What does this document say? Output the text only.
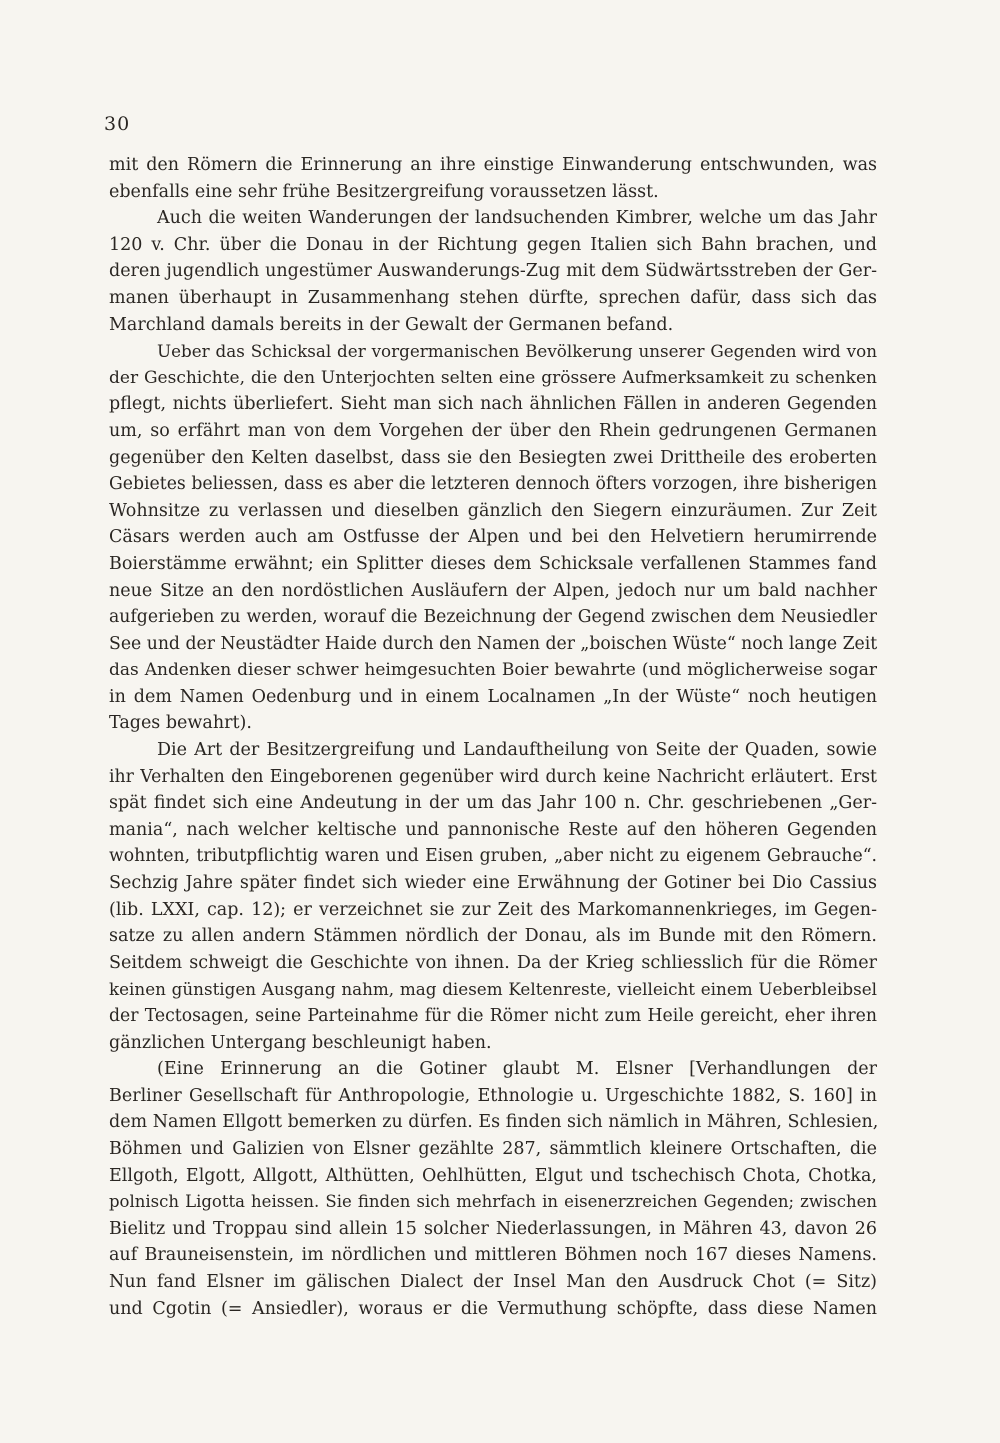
30
mit den Römern die Erinnerung an ihre einstige Einwanderung entschwunden, was
ebenfalls eine sehr frühe Besitzergreifung voraussetzen lässt.
Auch die weiten Wanderungen der landsuchenden Kimbrer, welche um das Jahr
120 v. Chr. über die Donau in der Richtung gegen Italien sich Bahn brachen, und
deren jugendlich ungestümer Auswanderungs-Zug mit dem Südwärtsstreben der Ger-
manen überhaupt in Zusammenhang stehen dürfte, sprechen dafür, dass sich das
Marchland damals bereits in der Gewalt der Germanen befand.
Ueber das Schicksal der vorgermanischen Bevölkerung unserer Gegenden wird von
der Geschichte, die den Unterjochten selten eine grössere Aufmerksamkeit zu schenken
pflegt, nichts überliefert. Sieht man sich nach ähnlichen Fällen in anderen Gegenden
um, so erfährt man von dem Vorgehen der über den Rhein gedrungenen Germanen
gegenüber den Kelten daselbst, dass sie den Besiegten zwei Drittheile des eroberten
Gebietes beliessen, dass es aber die letzteren dennoch öfters vorzogen, ihre bisherigen
Wohnsitze zu verlassen und dieselben gänzlich den Siegern einzuräumen. Zur Zeit
Cäsars werden auch am Ostfusse der Alpen und bei den Helvetiern herumirrende
Boierstämme erwähnt; ein Splitter dieses dem Schicksale verfallenen Stammes fand
neue Sitze an den nordöstlichen Ausläufern der Alpen, jedoch nur um bald nachher
aufgerieben zu werden, worauf die Bezeichnung der Gegend zwischen dem Neusiedler
See und der Neustädter Haide durch den Namen der „boischen Wüste“ noch lange Zeit
das Andenken dieser schwer heimgesuchten Boier bewahrte (und möglicherweise sogar
in dem Namen Oedenburg und in einem Localnamen „In der Wüste“ noch heutigen
Tages bewahrt).
Die Art der Besitzergreifung und Landauftheilung von Seite der Quaden, sowie
ihr Verhalten den Eingeborenen gegenüber wird durch keine Nachricht erläutert. Erst
spät findet sich eine Andeutung in der um das Jahr 100 n. Chr. geschriebenen „Ger-
mania“, nach welcher keltische und pannonische Reste auf den höheren Gegenden
wohnten, tributpflichtig waren und Eisen gruben, „aber nicht zu eigenem Gebrauche“.
Sechzig Jahre später findet sich wieder eine Erwähnung der Gotiner bei Dio Cassius
(lib. LXXI, cap. 12); er verzeichnet sie zur Zeit des Markomannenkrieges, im Gegen-
satze zu allen andern Stämmen nördlich der Donau, als im Bunde mit den Römern.
Seitdem schweigt die Geschichte von ihnen. Da der Krieg schliesslich für die Römer
keinen günstigen Ausgang nahm, mag diesem Keltenreste, vielleicht einem Ueberbleibsel
der Tectosagen, seine Parteinahme für die Römer nicht zum Heile gereicht, eher ihren
gänzlichen Untergang beschleunigt haben.
(Eine Erinnerung an die Gotiner glaubt M. Elsner [Verhandlungen der
Berliner Gesellschaft für Anthropologie, Ethnologie u. Urgeschichte 1882, S. 160] in
dem Namen Ellgott bemerken zu dürfen. Es finden sich nämlich in Mähren, Schlesien,
Böhmen und Galizien von Elsner gezählte 287, sämmtlich kleinere Ortschaften, die
Ellgoth, Elgott, Allgott, Althütten, Oehlhütten, Elgut und tschechisch Chota, Chotka,
polnisch Ligotta heissen. Sie finden sich mehrfach in eisenerzreichen Gegenden; zwischen
Bielitz und Troppau sind allein 15 solcher Niederlassungen, in Mähren 43, davon 26
auf Brauneisenstein, im nördlichen und mittleren Böhmen noch 167 dieses Namens.
Nun fand Elsner im gälischen Dialect der Insel Man den Ausdruck Chot (= Sitz)
und Cgotin (= Ansiedler), woraus er die Vermuthung schöpfte, dass diese Namen
